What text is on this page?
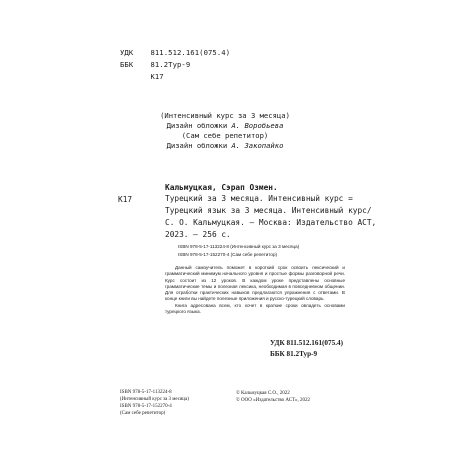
УДК 811.512.161(075.4)
ББК 81.2Тур-9
К17
(Интенсивный курс за 3 месяца)
Дизайн обложки А. Воробьева
(Сам себе репетитор)
Дизайн обложки А. Закопайко
Кальмуцкая, Сэрап Озмен.
К17	Турецкий за 3 месяца. Интенсивный курс =
Турецкий язык за 3 месяца. Интенсивный курс/
С. О. Кальмуцкая. – Москва: Издательство АСТ,
2023. – 256 с.
ISBN 978-5-17-113224-8 (Интенсивный курс за 3 месяца)
ISBN 978-5-17-152270-4 (Сам себе репетитор)

Данный самоучитель поможет в короткий срок освоить лексический и грамматический минимум начального уровня и простые формы разговорной речи. Курс состоит из 12 уроков. В каждом уроке представлены основные грамматические темы и полезная лексика, необходимая в повседневном общении. Для отработки практических навыков предлагаются упражнения с ответами. В конце книги вы найдете полезные приложения и русско-турецкий словарь.

Книга адресована всем, кто хочет в краткие сроки овладеть основами турецкого языка.

УДК 811.512.161(075.4)
ББК 81.2Тур-9
ISBN 978-5-17-113224-8
(Интенсивный курс за 3 месяца)
ISBN 978-5-17-152270-4
(Сам себе репетитор)
© Кальмуцкая С.О., 2022
© ООО «Издательство АСТ», 2022
